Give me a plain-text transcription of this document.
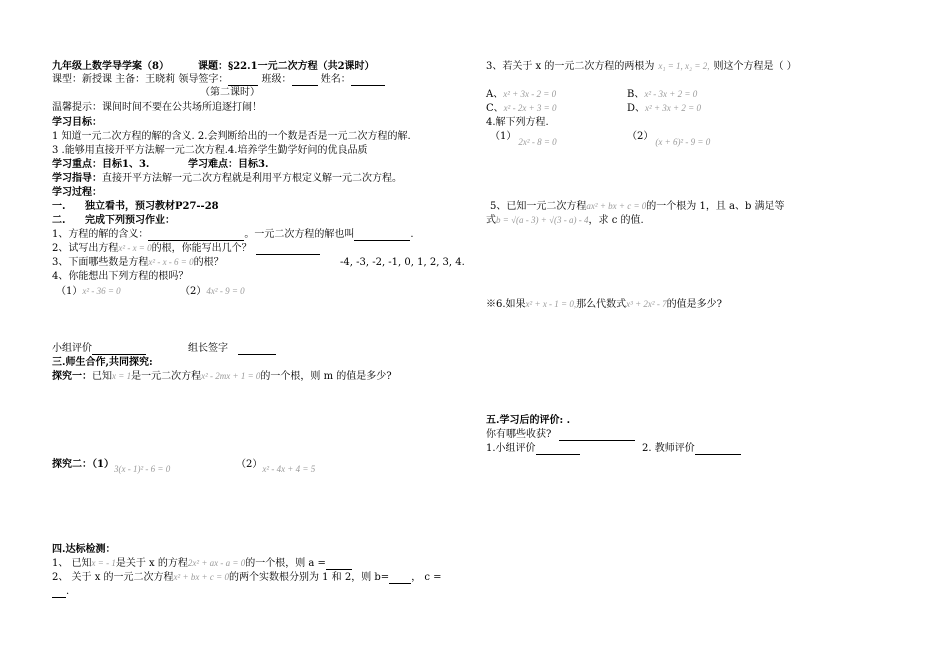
九年级上数学导学案（8）	课题：§22.1一元二次方程（共2课时）
课型：新授课 主备：王晓莉 领导签字：	班级：	姓名：
（第二课时）
温馨提示：课间时间不要在公共场所追逐打闹！
学习目标：
1 知道一元二次方程的解的含义. 2.会判断给出的一个数是否是一元二次方程的解.
3 .能够用直接开平方法解一元二次方程.4.培养学生勤学好问的优良品质
学习重点：目标1、3.	学习难点：目标3.
学习指导：直接开平方法解一元二次方程就是利用平方根定义解一元二次方程。
学习过程：
一. 独立看书，预习教材P27--28
二. 完成下列预习作业：
1、方程的解的含义：	。一元二次方程的解也叫	.
2、试写出方程x² - x = 0的根，你能写出几个？
3、下面哪些数是方程x² - x - 6 = 0的根？	-4, -3, -2, -1, 0, 1, 2, 3, 4.
4、你能想出下列方程的根吗？
（1）x² - 36 = 0	（2）4x² - 9 = 0
小组评价	组长签字
三.师生合作,共同探究:
探究一：已知x = 1是一元二次方程x² - 2mx + 1 = 0的一个根，则 m 的值是多少?
探究二：（1）3(x - 1)² - 6 = 0	（2）x² - 4x + 4 = 5
四.达标检测：
1、 已知x = - 1是关于 x 的方程2x² + ax - a = 0的一个根，则 a =
2、 关于 x 的一元二次方程x² + bx + c = 0的两个实数根分别为 1 和 2，则 b= ， c =
.
3、若关于 x 的一元二次方程的两根为 x₁ = 1, x₂ = 2, 则这个方程是（ ）
A、x² + 3x - 2 = 0	B、x² - 3x + 2 = 0
C、x² - 2x + 3 = 0	D、x² + 3x + 2 = 0
4.解下列方程.
（1） 2x² - 8 = 0	（2） (x + 6)² - 9 = 0
5、已知一元二次方程ax² + bx + c = 0的一个根为 1，且 a、b 满足等
式b = √(a - 3) + √(3 - a) - 4，求 c 的值.
※6.如果x² + x - 1 = 0,那么代数式x³ + 2x² - 7的值是多少?
五.学习后的评价: .
你有哪些收获?
1.小组评价	2. 教师评价
